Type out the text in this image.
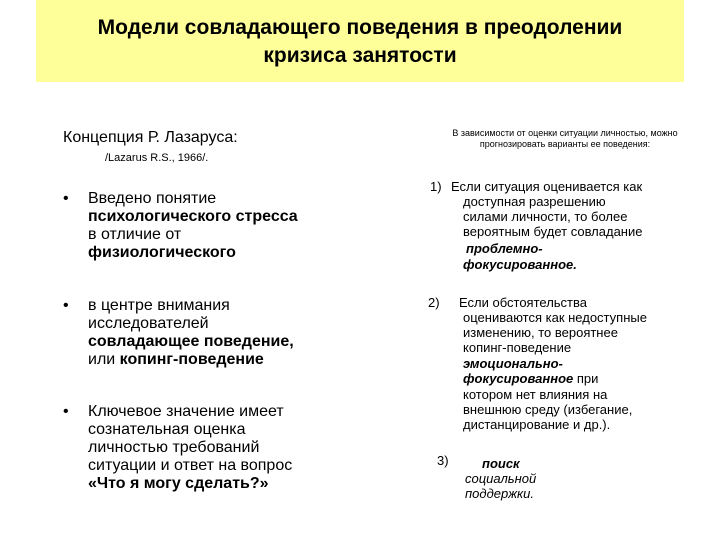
Модели совладающего поведения в преодолении
кризиса занятости
Концепция Р. Лазаруса:
/Lazarus R.S., 1966/.
• Введено понятие
психологического стресса
в отличие от
физиологического
• в центре внимания
исследователей
совладающее поведение,
или копинг-поведение
• Ключевое значение имеет
сознательная оценка
личностью требований
ситуации и ответ на вопрос
«Что я могу сделать?»
В зависимости от оценки ситуации личностью, можно
прогнозировать варианты ее поведения:
1) Если ситуация оценивается как
доступная разрешению
силами личности, то более
вероятным будет совладание
проблемно-
фокусированное.
2) Если обстоятельства
оцениваются как недоступные
изменению, то вероятнее
копинг-поведение
эмоционально-
фокусированное при
котором нет влияния на
внешнюю среду (избегание,
дистанцирование и др.).
3)	поиск
социальной
поддержки.
